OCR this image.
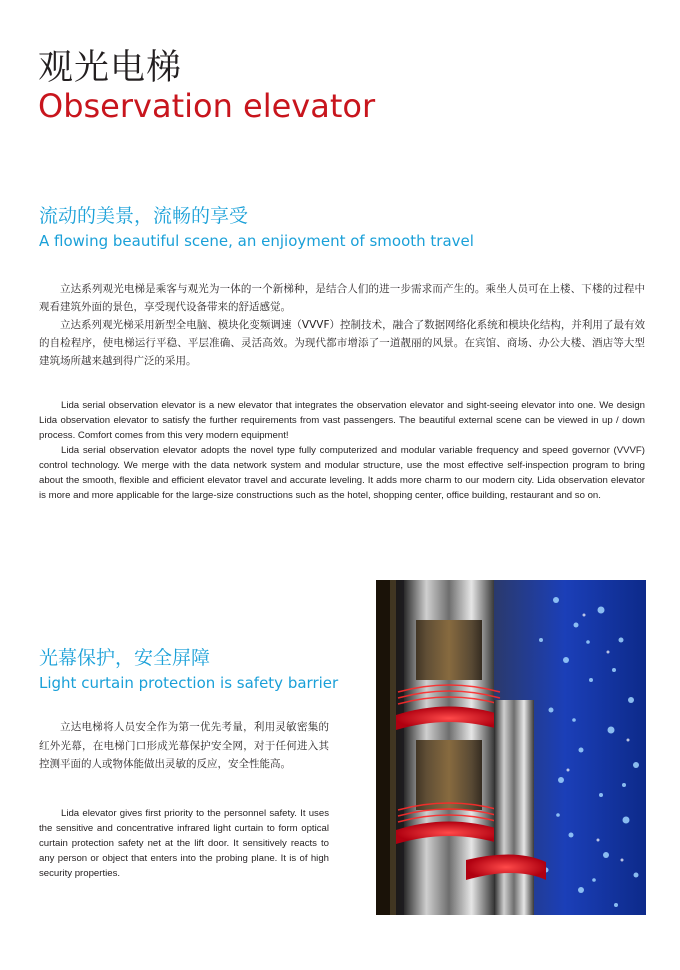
观光电梯
Observation elevator
流动的美景，流畅的享受
A flowing beautiful scene, an enjioyment of smooth travel

立达系列观光电梯是乘客与观光为一体的一个新梯种，是结合人们的进一步需求而产生的。乘坐人员可在上楼、下楼的过程中观看建筑外面的景色，享受现代设备带来的舒适感觉。

立达系列观光梯采用新型全电脑、模块化变频调速（VVVF）控制技术，融合了数据网络化系统和模块化结构，并利用了最有效的自检程序，使电梯运行平稳、平层准确、灵活高效。为现代都市增添了一道靓丽的风景。在宾馆、商场、办公大楼、酒店等大型建筑场所越来越到得广泛的采用。

Lida serial observation elevator is a new elevator that integrates the observation elevator and sight-seeing elevator into one. We design Lida observation elevator to satisfy the further requirements from vast passengers. The beautiful external scene can be viewed in up / down process. Comfort comes from this very modern equipment!

Lida serial observation elevator adopts the novel type fully computerized and modular variable frequency and speed governor (VVVF) control technology. We merge with the data network system and modular structure, use the most effective self-inspection program to bring about the smooth, flexible and efficient elevator travel and accurate leveling. It adds more charm to our modern city. Lida observation elevator is more and more applicable for the large-size constructions such as the hotel, shopping center, office building, restaurant and so on.

光幕保护，安全屏障
Light curtain protection is safety barrier

立达电梯将人员安全作为第一优先考量，利用灵敏密集的红外光幕，在电梯门口形成光幕保护安全网，对于任何进入其控测平面的人或物体能做出灵敏的反应，安全性能高。

Lida elevator gives first priority to the personnel safety. It uses the sensitive and concentrative infrared light curtain to form optical curtain protection safety net at the lift door. It sensitively reacts to any person or object that enters into the probing plane. It is of high security properties.
